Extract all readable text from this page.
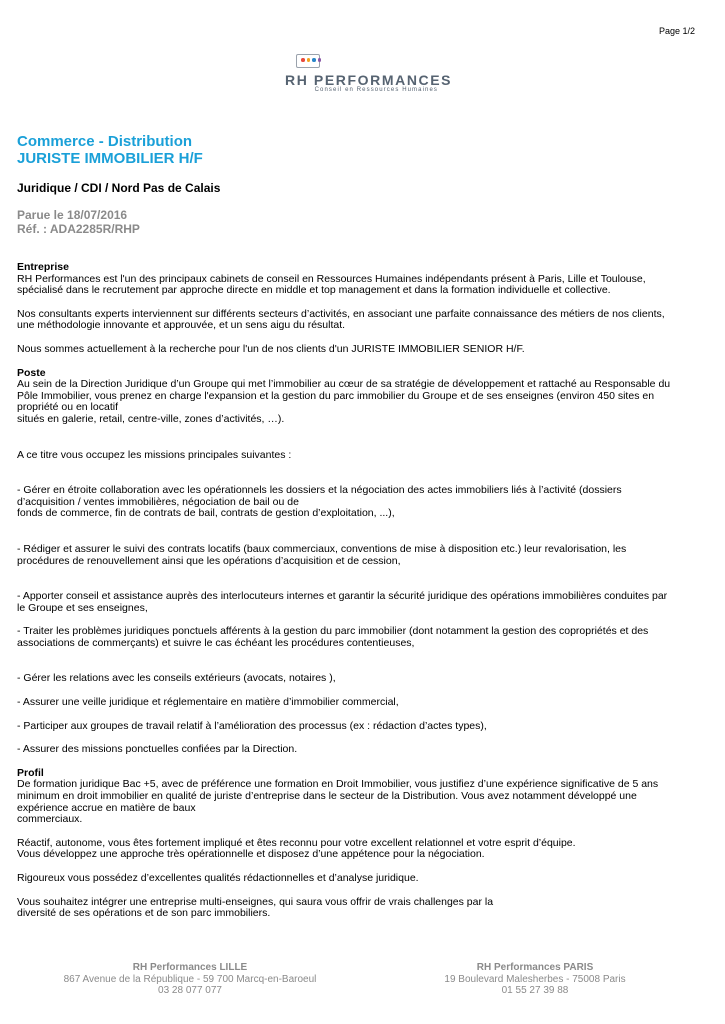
Page 1/2
RH PERFORMANCES
Conseil en Ressources Humaines
Commerce - Distribution
JURISTE IMMOBILIER H/F
Juridique / CDI / Nord Pas de Calais
Parue le 18/07/2016
Réf. : ADA2285R/RHP

Entreprise

RH Performances est l'un des principaux cabinets de conseil en Ressources Humaines indépendants présent à Paris, Lille et Toulouse,
spécialisé dans le recrutement par approche directe en middle et top management et dans la formation individuelle et collective.

Nos consultants experts interviennent sur différents secteurs d’activités, en associant une parfaite connaissance des métiers de nos clients,
une méthodologie innovante et approuvée, et un sens aigu du résultat.

Nous sommes actuellement à la recherche pour l'un de nos clients d'un JURISTE IMMOBILIER SENIOR H/F.

Poste

Au sein de la Direction Juridique d’un Groupe qui met l’immobilier au cœur de sa stratégie de développement et rattaché au Responsable du
Pôle Immobilier, vous prenez en charge l'expansion et la gestion du parc immobilier du Groupe et de ses enseignes (environ 450 sites en
propriété ou en locatif
situés en galerie, retail, centre-ville, zones d’activités, …).

A ce titre vous occupez les missions principales suivantes :

- Gérer en étroite collaboration avec les opérationnels les dossiers et la négociation des actes immobiliers liés à l’activité (dossiers
d’acquisition / ventes immobilières, négociation de bail ou de
fonds de commerce, fin de contrats de bail, contrats de gestion d’exploitation, ...),

- Rédiger et assurer le suivi des contrats locatifs (baux commerciaux, conventions de mise à disposition etc.) leur revalorisation, les
procédures de renouvellement ainsi que les opérations d’acquisition et de cession,

- Apporter conseil et assistance auprès des interlocuteurs internes et garantir la sécurité juridique des opérations immobilières conduites par
le Groupe et ses enseignes,

- Traiter les problèmes juridiques ponctuels afférents à la gestion du parc immobilier (dont notamment la gestion des copropriétés et des
associations de commerçants) et suivre le cas échéant les procédures contentieuses,

- Gérer les relations avec les conseils extérieurs (avocats, notaires ),

- Assurer une veille juridique et réglementaire en matière d’immobilier commercial,

- Participer aux groupes de travail relatif à l’amélioration des processus (ex : rédaction d’actes types),

- Assurer des missions ponctuelles confiées par la Direction.

Profil

De formation juridique Bac +5, avec de préférence une formation en Droit Immobilier, vous justifiez d’une expérience significative de 5 ans
minimum en droit immobilier en qualité de juriste d’entreprise dans le secteur de la Distribution. Vous avez notamment développé une
expérience accrue en matière de baux
commerciaux.

Réactif, autonome, vous êtes fortement impliqué et êtes reconnu pour votre excellent relationnel et votre esprit d’équipe.
Vous développez une approche très opérationnelle et disposez d’une appétence pour la négociation.

Rigoureux vous possédez d’excellentes qualités rédactionnelles et d’analyse juridique.

Vous souhaitez intégrer une entreprise multi-enseignes, qui saura vous offrir de vrais challenges par la
diversité de ses opérations et de son parc immobiliers.

RH Performances LILLE
867 Avenue de la République - 59 700 Marcq-en-Baroeul
03 28 077 077
RH Performances PARIS
19 Boulevard Malesherbes - 75008 Paris
01 55 27 39 88
